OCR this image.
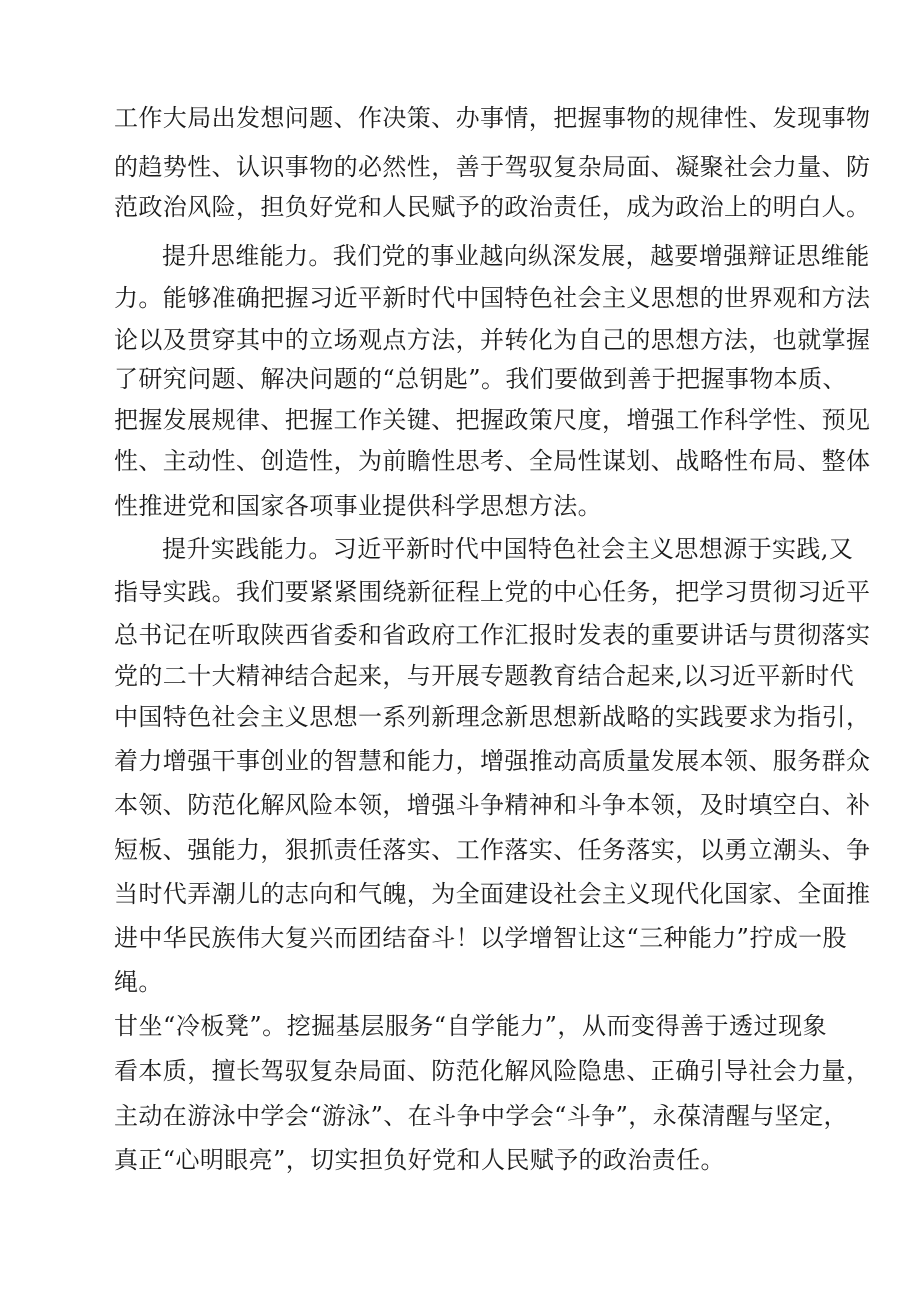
工作大局出发想问题、作决策、办事情，把握事物的规律性、发现事物
的趋势性、认识事物的必然性，善于驾驭复杂局面、凝聚社会力量、防
范政治风险，担负好党和人民赋予的政治责任，成为政治上的明白人。
提升思维能力。我们党的事业越向纵深发展，越要增强辩证思维能
力。能够准确把握习近平新时代中国特色社会主义思想的世界观和方法
论以及贯穿其中的立场观点方法，并转化为自己的思想方法，也就掌握
了研究问题、解决问题的“总钥匙”。我们要做到善于把握事物本质、
把握发展规律、把握工作关键、把握政策尺度，增强工作科学性、预见
性、主动性、创造性，为前瞻性思考、全局性谋划、战略性布局、整体
性推进党和国家各项事业提供科学思想方法。
提升实践能力。习近平新时代中国特色社会主义思想源于实践,又
指导实践。我们要紧紧围绕新征程上党的中心任务，把学习贯彻习近平
总书记在听取陕西省委和省政府工作汇报时发表的重要讲话与贯彻落实
党的二十大精神结合起来，与开展专题教育结合起来,以习近平新时代
中国特色社会主义思想一系列新理念新思想新战略的实践要求为指引，
着力增强干事创业的智慧和能力，增强推动高质量发展本领、服务群众
本领、防范化解风险本领，增强斗争精神和斗争本领，及时填空白、补
短板、强能力，狠抓责任落实、工作落实、任务落实，以勇立潮头、争
当时代弄潮儿的志向和气魄，为全面建设社会主义现代化国家、全面推
进中华民族伟大复兴而团结奋斗！以学增智让这“三种能力”拧成一股
绳。
甘坐“冷板凳”。挖掘基层服务“自学能力”，从而变得善于透过现象
看本质，擅长驾驭复杂局面、防范化解风险隐患、正确引导社会力量，
主动在游泳中学会“游泳”、在斗争中学会“斗争”，永葆清醒与坚定，
真正“心明眼亮”，切实担负好党和人民赋予的政治责任。
